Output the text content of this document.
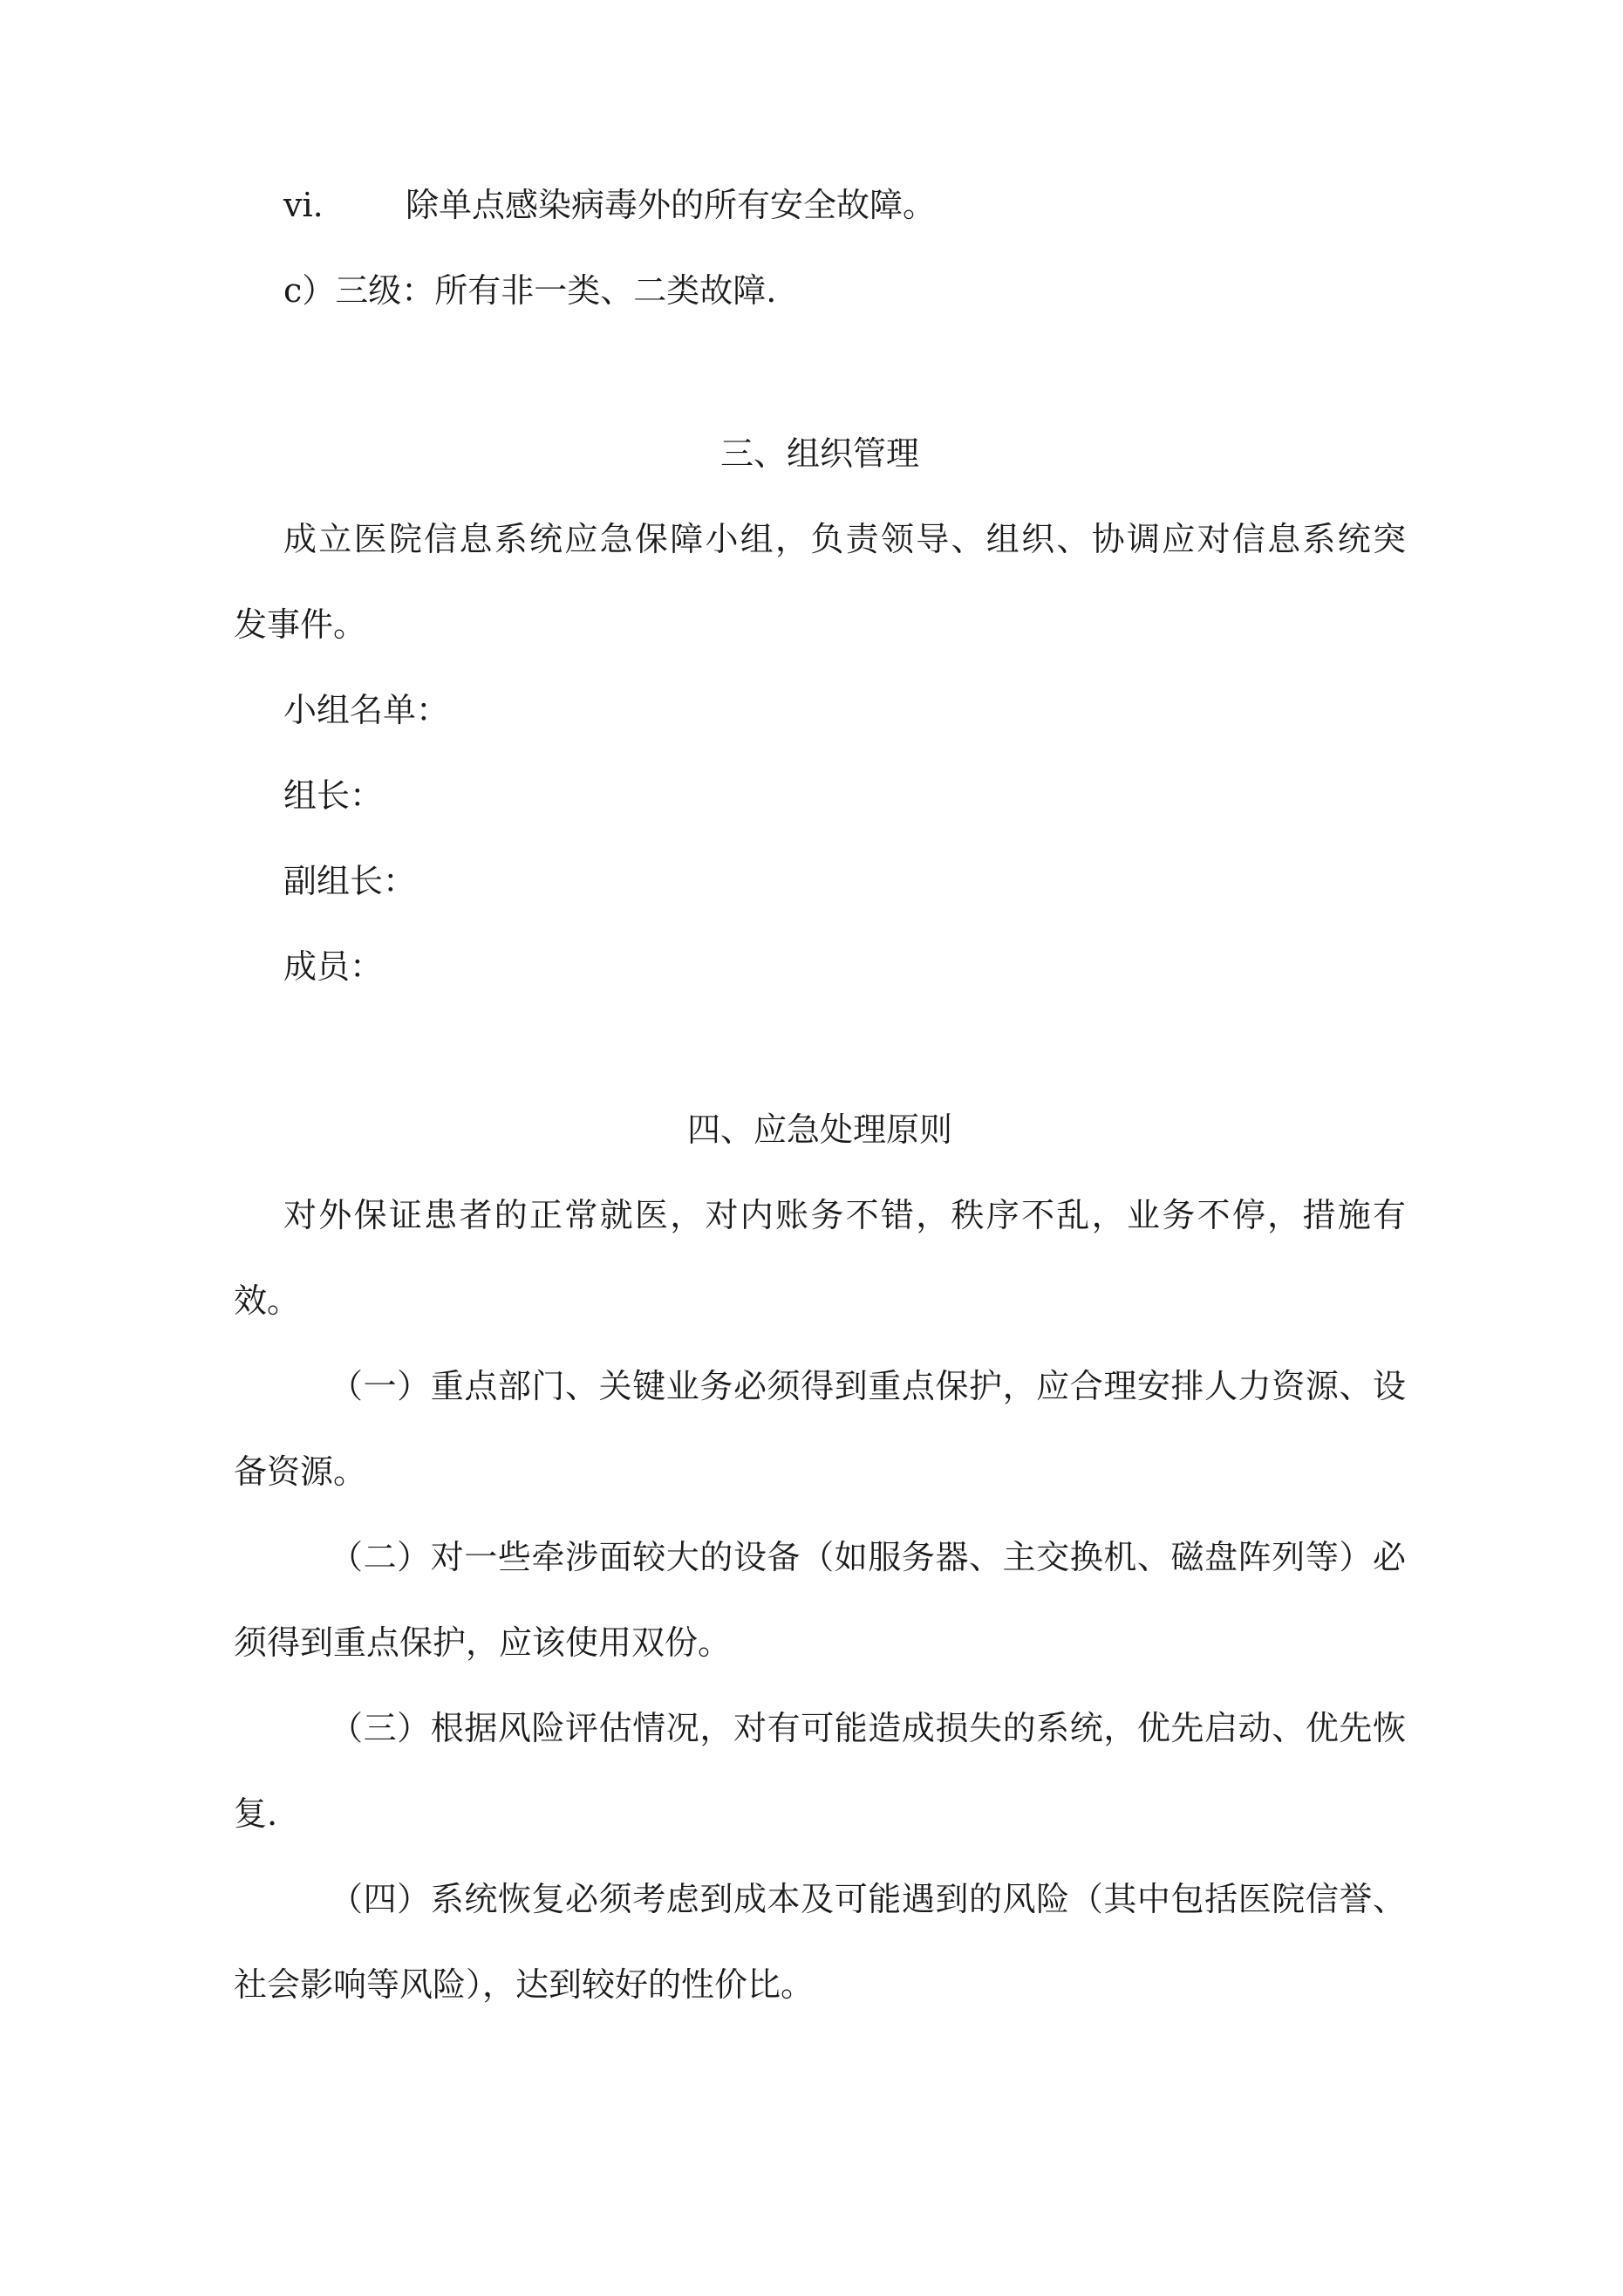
vi. 除单点感染病毒外的所有安全故障。
c）三级：所有非一类、二类故障.
三、组织管理
成立医院信息系统应急保障小组，负责领导、组织、协调应对信息系统突
发事件。
小组名单：
组长：
副组长：
成员：
四、应急处理原则
对外保证患者的正常就医，对内账务不错，秩序不乱，业务不停，措施有
效。
（一）重点部门、关键业务必须得到重点保护，应合理安排人力资源、设
备资源。
（二）对一些牵涉面较大的设备（如服务器、主交换机、磁盘阵列等）必
须得到重点保护，应该使用双份。
（三）根据风险评估情况，对有可能造成损失的系统，优先启动、优先恢
复.
（四）系统恢复必须考虑到成本及可能遇到的风险（其中包括医院信誉、
社会影响等风险），达到较好的性价比。
